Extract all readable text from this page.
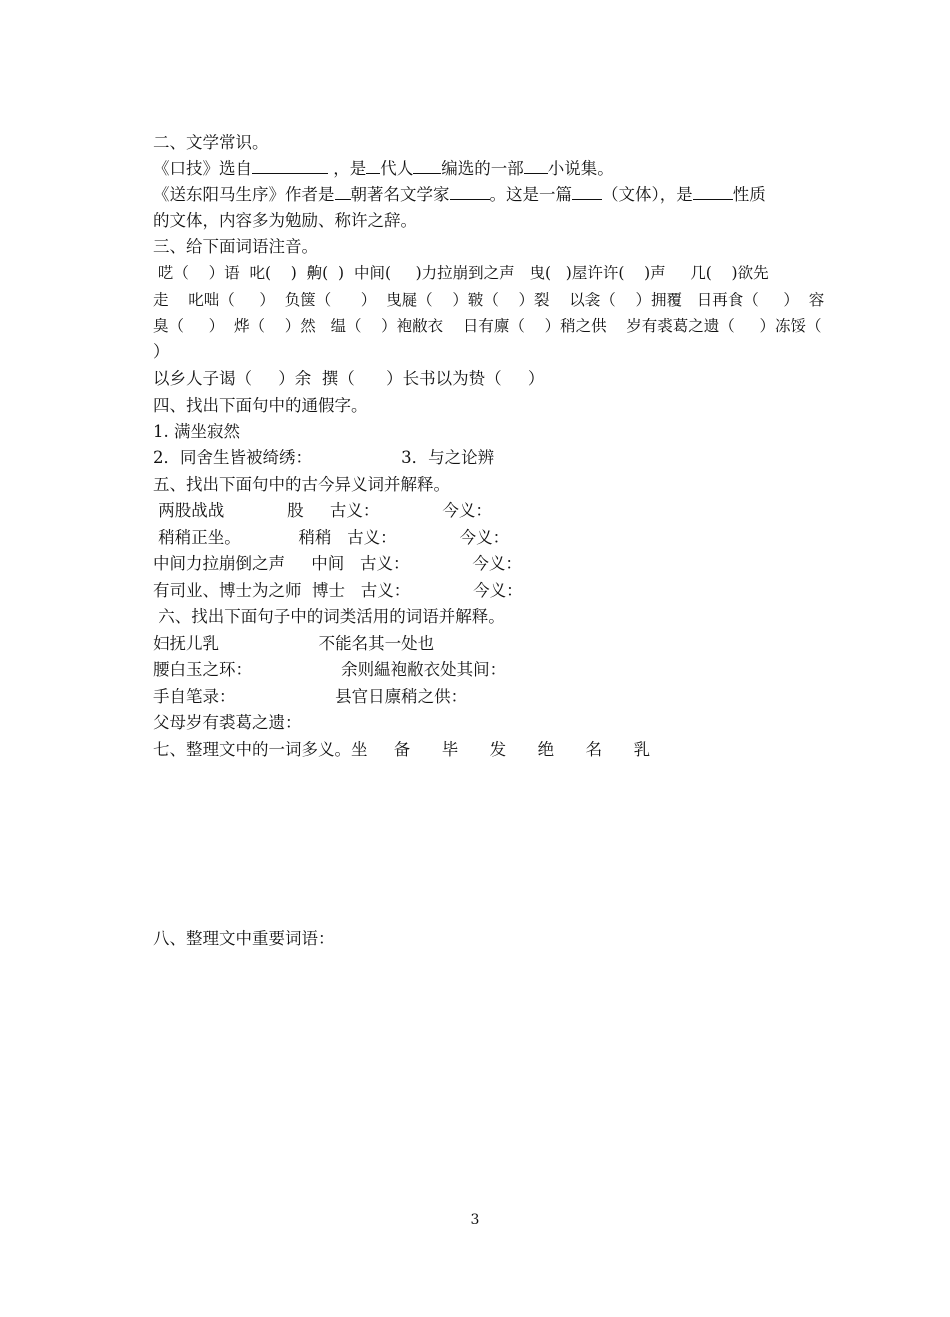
二、文学常识。
《口技》选自	，是 代人 编选的一部 小说集。
《送东阳马生序》作者是 朝著名文学家 。这是一篇 （文体），是 性质
的文体，内容多为勉励、称许之辞。
三、给下面词语注音。
呓（    ）语  叱(    )  齁(  )  中间(     )力拉崩到之声   曳(   )屋许许(    )声     几(    )欲先
走    叱咄（     ）  负箧（      ）  曳屣（    ）皲（    ）裂    以衾（    ）拥覆   日再食（     ）  容
臭（     ）  烨（    ）然   缊（    ）袍敝衣    日有廪（    ）稍之供    岁有裘葛之遗（     ）冻馁（
）
以乡人子谒（     ）余  撰（      ）长书以为贽（     ）
四、找出下面句中的通假字。
1. 满坐寂然
2．同舍生皆被绮绣：                 3．与之论辨
五、找出下面句中的古今异义词并解释。
两股战战            股     古义：            今义：
稍稍正坐。           稍稍   古义：            今义：
中间力拉崩倒之声     中间   古义：            今义：
有司业、博士为之师  博士   古义：            今义：
六、找出下面句子中的词类活用的词语并解释。
妇抚儿乳                   不能名其一处也
腰白玉之环：                 余则緼袍敝衣处其间：
手自笔录：                   县官日廪稍之供：
父母岁有裘葛之遗：
七、整理文中的一词多义。坐     备      毕      发      绝      名      乳
八、整理文中重要词语：
3
